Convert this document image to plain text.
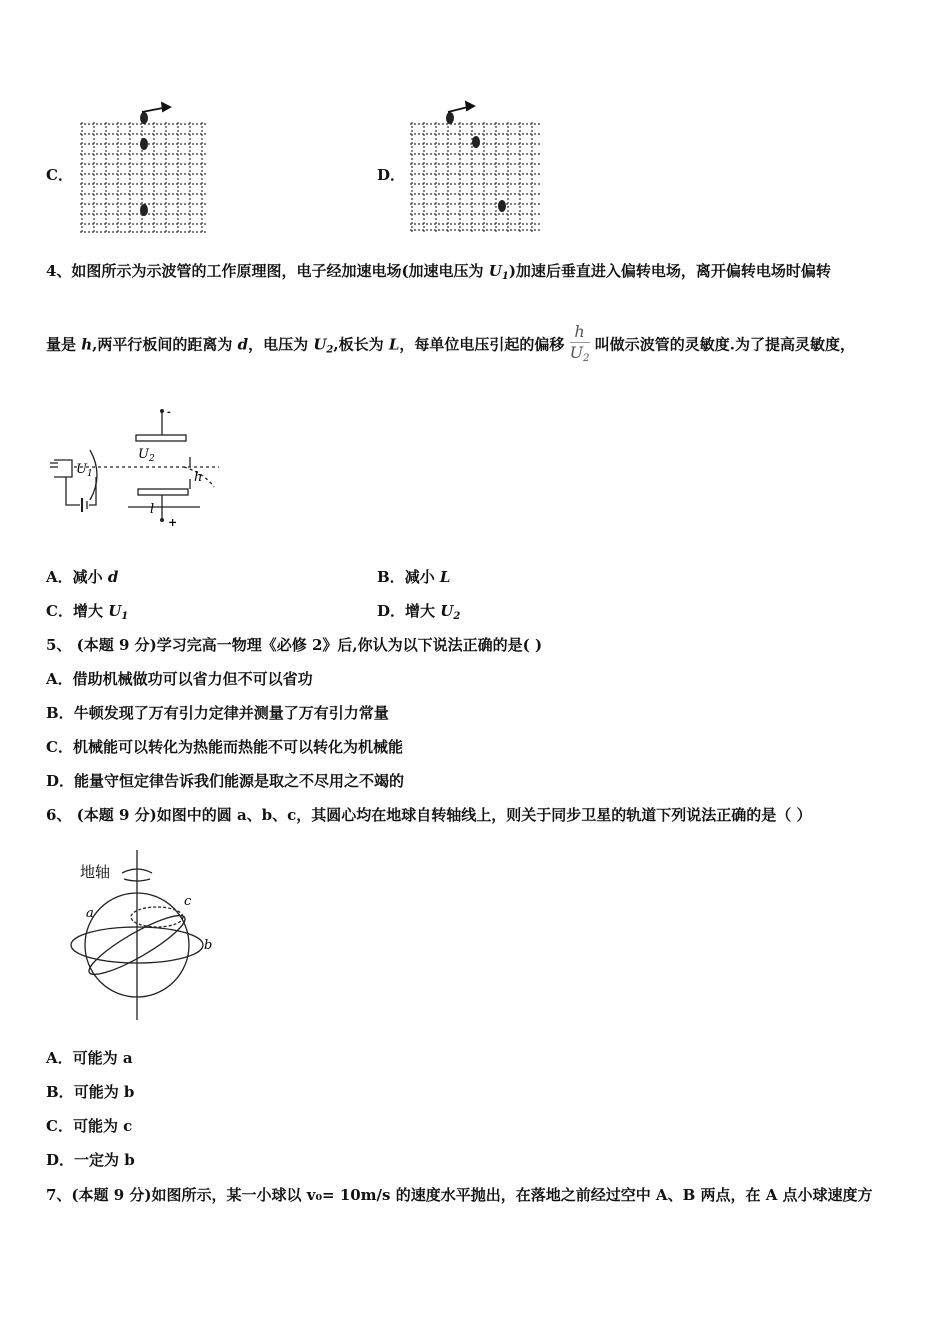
C．	D．
4、如图所示为示波管的工作原理图，电子经加速电场(加速电压为 $U_1$)加速后垂直进入偏转电场，离开偏转电场时偏转
量是 h,两平行板间的距离为 d，电压为 $U_2$,板长为 L，每单位电压引起的偏移 $\frac{h}{U_2}$ 叫做示波管的灵敏度.为了提高灵敏度，
-
+
$U_1$
$U_2$
h
l
A．减小 d	B．减小 L
C．增大 $U_1$	D．增大 $U_2$
5、 (本题 9 分)学习完高一物理《必修 2》后,你认为以下说法正确的是( )
A．借助机械做功可以省力但不可以省功
B．牛顿发现了万有引力定律并测量了万有引力常量
C．机械能可以转化为热能而热能不可以转化为机械能
D．能量守恒定律告诉我们能源是取之不尽用之不竭的
6、 (本题 9 分)如图中的圆 a、b、c，其圆心均在地球自转轴线上，则关于同步卫星的轨道下列说法正确的是（ ）
地轴
a
b
c
A．可能为 a
B．可能为 b
C．可能为 c
D．一定为 b
7、(本题 9 分)如图所示，某一小球以 v₀= 10m/s 的速度水平抛出，在落地之前经过空中 A、B 两点，在 A 点小球速度方
